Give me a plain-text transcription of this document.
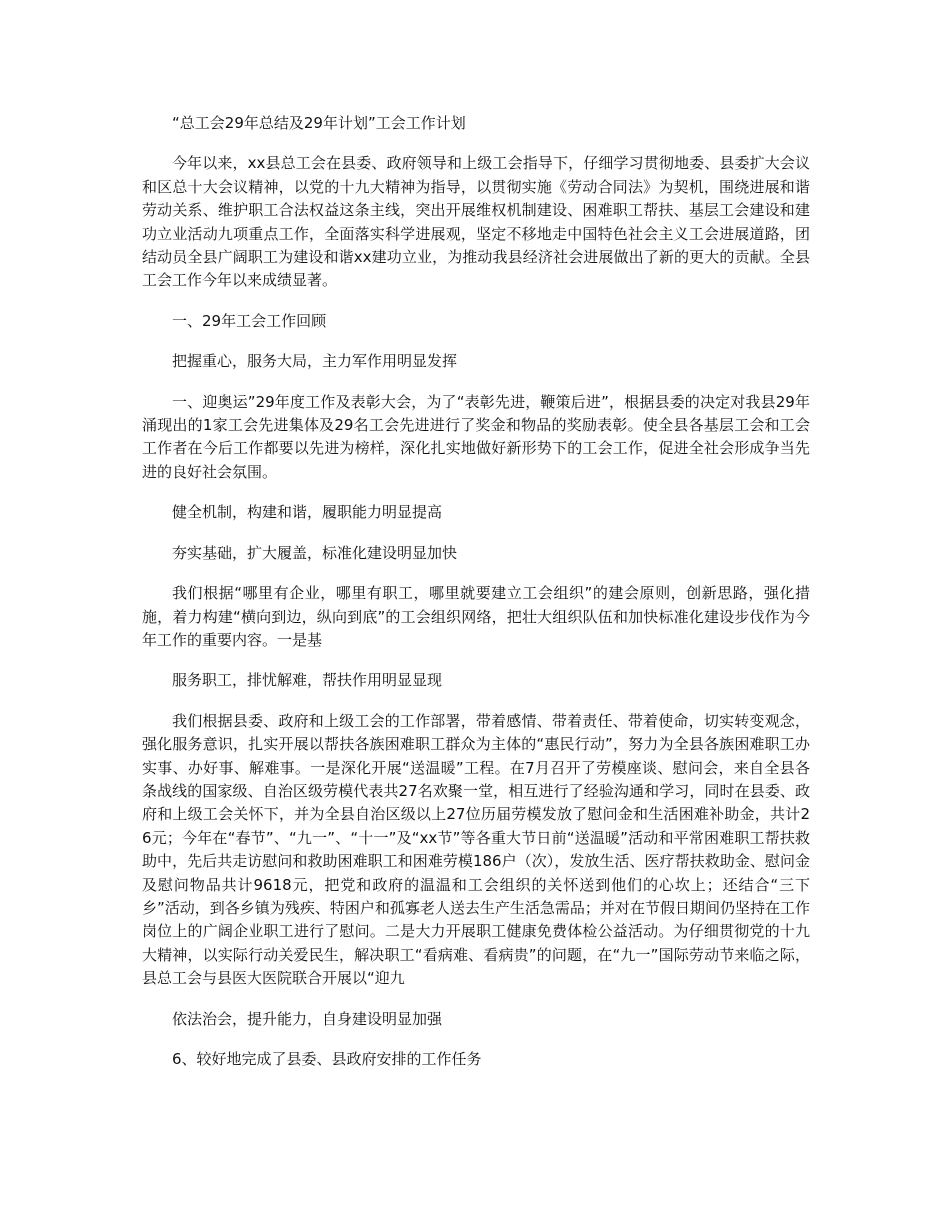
“总工会29年总结及29年计划”工会工作计划

今年以来，xx县总工会在县委、政府领导和上级工会指导下，仔细学习贯彻地委、县委扩大会议和区总十大会议精神，以党的十九大精神为指导，以贯彻实施《劳动合同法》为契机，围绕进展和谐劳动关系、维护职工合法权益这条主线，突出开展维权机制建设、困难职工帮扶、基层工会建设和建功立业活动九项重点工作，全面落实科学进展观，坚定不移地走中国特色社会主义工会进展道路，团结动员全县广阔职工为建设和谐xx建功立业，为推动我县经济社会进展做出了新的更大的贡献。全县工会工作今年以来成绩显著。

一、29年工会工作回顾

把握重心，服务大局，主力军作用明显发挥

一、迎奥运”29年度工作及表彰大会，为了“表彰先进，鞭策后进”，根据县委的决定对我县29年涌现出的1家工会先进集体及29名工会先进进行了奖金和物品的奖励表彰。使全县各基层工会和工会工作者在今后工作都要以先进为榜样，深化扎实地做好新形势下的工会工作，促进全社会形成争当先进的良好社会氛围。

健全机制，构建和谐，履职能力明显提高

夯实基础，扩大履盖，标准化建设明显加快

我们根据“哪里有企业，哪里有职工，哪里就要建立工会组织”的建会原则，创新思路，强化措施，着力构建“横向到边，纵向到底”的工会组织网络，把壮大组织队伍和加快标准化建设步伐作为今年工作的重要内容。一是基

服务职工，排忧解难，帮扶作用明显显现

我们根据县委、政府和上级工会的工作部署，带着感情、带着责任、带着使命，切实转变观念，强化服务意识，扎实开展以帮扶各族困难职工群众为主体的“惠民行动”，努力为全县各族困难职工办实事、办好事、解难事。一是深化开展“送温暖”工程。在7月召开了劳模座谈、慰问会，来自全县各条战线的国家级、自治区级劳模代表共27名欢聚一堂，相互进行了经验沟通和学习，同时在县委、政府和上级工会关怀下，并为全县自治区级以上27位历届劳模发放了慰问金和生活困难补助金，共计26元；今年在“春节”、“九一”、“十一”及“xx节”等各重大节日前“送温暖”活动和平常困难职工帮扶救助中，先后共走访慰问和救助困难职工和困难劳模186户（次），发放生活、医疗帮扶救助金、慰问金及慰问物品共计9618元，把党和政府的温温和工会组织的关怀送到他们的心坎上；还结合“三下乡”活动，到各乡镇为残疾、特困户和孤寡老人送去生产生活急需品；并对在节假日期间仍坚持在工作岗位上的广阔企业职工进行了慰问。二是大力开展职工健康免费体检公益活动。为仔细贯彻党的十九大精神，以实际行动关爱民生，解决职工“看病难、看病贵”的问题，在“九一”国际劳动节来临之际，县总工会与县医大医院联合开展以“迎九

依法治会，提升能力，自身建设明显加强

6、较好地完成了县委、县政府安排的工作任务
